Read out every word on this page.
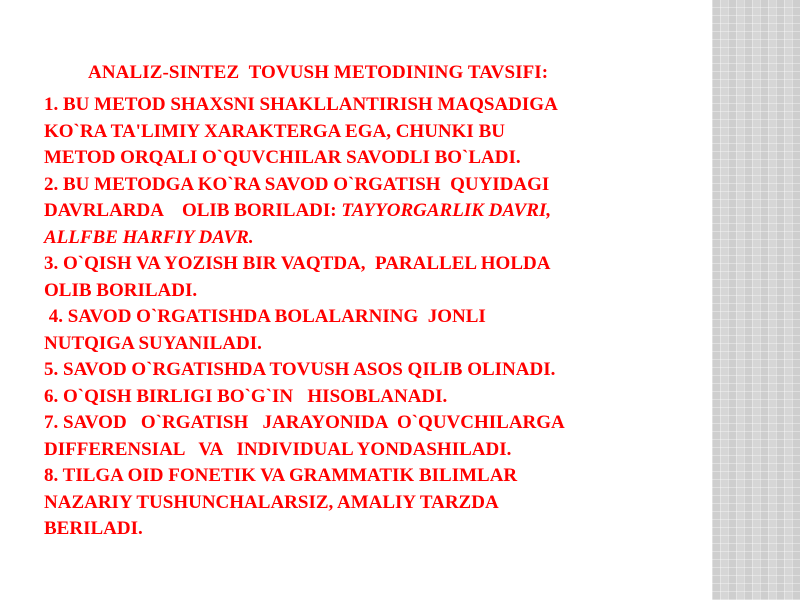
ANALIZ-SINTEZ  TOVUSH METODINING TAVSIFI:
1. BU METOD SHAXSNI SHAKLLANTIRISH MAQSADIGA
KO`RA TA'LIMIY XARAKTERGA EGA, CHUNKI BU
METOD ORQALI O`QUVCHILAR SAVODLI BO`LADI.
2. BU METODGA KO`RA SAVOD O`RGATISH  QUYIDAGI
DAVRLARDA    OLIB BORILADI: TAYYORGARLIK DAVRI,
ALLFBE HARFIY DAVR.
3. O`QISH VA YOZISH BIR VAQTDA,  PARALLEL HOLDA
OLIB BORILADI.
4. SAVOD O`RGATISHDA BOLALARNING  JONLI
NUTQIGA SUYANILADI.
5. SAVOD O`RGATISHDA TOVUSH ASOS QILIB OLINADI.
6. O`QISH BIRLIGI BO`G`IN   HISOBLANADI.
7. SAVOD   O`RGATISH   JARAYONIDA  O`QUVCHILARGA
DIFFERENSIAL   VA   INDIVIDUAL YONDASHILADI.
8. TILGA OID FONETIK VA GRAMMATIK BILIMLAR
NAZARIY TUSHUNCHALARSIZ, AMALIY TARZDA
BERILADI.
